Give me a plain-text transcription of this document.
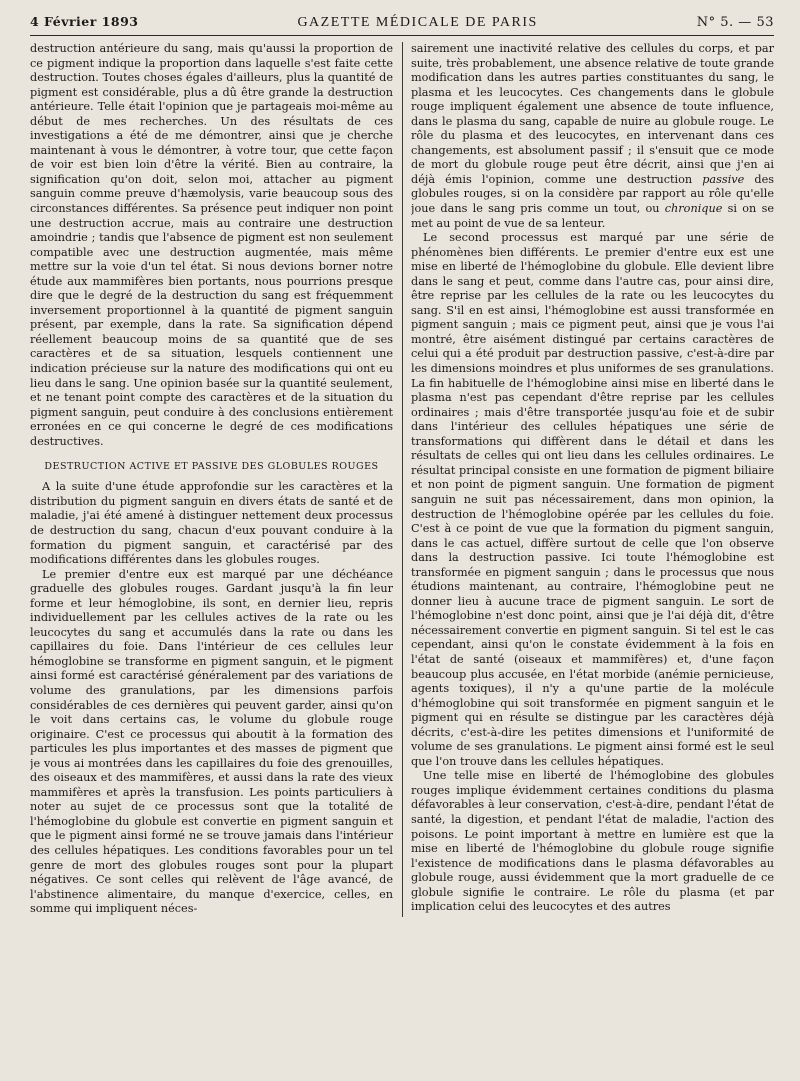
4 Février 1893	GAZETTE MÉDICALE DE PARIS	N° 5. — 53

destruction antérieure du sang, mais qu'aussi la proportion de ce pigment indique la proportion dans laquelle s'est faite cette destruction. Toutes choses égales d'ailleurs, plus la quantité de pigment est considérable, plus a dû être grande la destruction antérieure. Telle était l'opinion que je partageais moi-même au début de mes recherches. Un des résultats de ces investigations a été de me démontrer, ainsi que je cherche maintenant à vous le démontrer, à votre tour, que cette façon de voir est bien loin d'être la vérité. Bien au contraire, la signification qu'on doit, selon moi, attacher au pigment sanguin comme preuve d'hæmolysis, varie beaucoup sous des circonstances différentes. Sa présence peut indiquer non point une destruction accrue, mais au contraire une destruction amoindrie ; tandis que l'absence de pigment est non seulement compatible avec une destruction augmentée, mais même mettre sur la voie d'un tel état. Si nous devions borner notre étude aux mammifères bien portants, nous pourrions presque dire que le degré de la destruction du sang est fréquemment inversement proportionnel à la quantité de pigment sanguin présent, par exemple, dans la rate. Sa signification dépend réellement beaucoup moins de sa quantité que de ses caractères et de sa situation, lesquels contiennent une indication précieuse sur la nature des modifications qui ont eu lieu dans le sang. Une opinion basée sur la quantité seulement, et ne tenant point compte des caractères et de la situation du pigment sanguin, peut conduire à des conclusions entièrement erronées en ce qui concerne le degré de ces modifications destructives.

DESTRUCTION ACTIVE ET PASSIVE DES GLOBULES ROUGES

A la suite d'une étude approfondie sur les caractères et la distribution du pigment sanguin en divers états de santé et de maladie, j'ai été amené à distinguer nettement deux processus de destruction du sang, chacun d'eux pouvant conduire à la formation du pigment sanguin, et caractérisé par des modifications différentes dans les globules rouges.

Le premier d'entre eux est marqué par une déchéance graduelle des globules rouges. Gardant jusqu'à la fin leur forme et leur hémoglobine, ils sont, en dernier lieu, repris individuellement par les cellules actives de la rate ou les leucocytes du sang et accumulés dans la rate ou dans les capillaires du foie. Dans l'intérieur de ces cellules leur hémoglobine se transforme en pigment sanguin, et le pigment ainsi formé est caractérisé généralement par des variations de volume des granulations, par les dimensions parfois considérables de ces dernières qui peuvent garder, ainsi qu'on le voit dans certains cas, le volume du globule rouge originaire. C'est ce processus qui aboutit à la formation des particules les plus importantes et des masses de pigment que je vous ai montrées dans les capillaires du foie des grenouilles, des oiseaux et des mammifères, et aussi dans la rate des vieux mammifères et après la transfusion. Les points particuliers à noter au sujet de ce processus sont que la totalité de l'hémoglobine du globule est convertie en pigment sanguin et que le pigment ainsi formé ne se trouve jamais dans l'intérieur des cellules hépatiques. Les conditions favorables pour un tel genre de mort des globules rouges sont pour la plupart négatives. Ce sont celles qui relèvent de l'âge avancé, de l'abstinence alimentaire, du manque d'exercice, celles, en somme qui impliquent néces-

sairement une inactivité relative des cellules du corps, et par suite, très probablement, une absence relative de toute grande modification dans les autres parties constituantes du sang, le plasma et les leucocytes. Ces changements dans le globule rouge impliquent également une absence de toute influence, dans le plasma du sang, capable de nuire au globule rouge. Le rôle du plasma et des leucocytes, en intervenant dans ces changements, est absolument passif ; il s'ensuit que ce mode de mort du globule rouge peut être décrit, ainsi que j'en ai déjà émis l'opinion, comme une destruction passive des globules rouges, si on la considère par rapport au rôle qu'elle joue dans le sang pris comme un tout, ou chronique si on se met au point de vue de sa lenteur.

Le second processus est marqué par une série de phénomènes bien différents. Le premier d'entre eux est une mise en liberté de l'hémoglobine du globule. Elle devient libre dans le sang et peut, comme dans l'autre cas, pour ainsi dire, être reprise par les cellules de la rate ou les leucocytes du sang. S'il en est ainsi, l'hémoglobine est aussi transformée en pigment sanguin ; mais ce pigment peut, ainsi que je vous l'ai montré, être aisément distingué par certains caractères de celui qui a été produit par destruction passive, c'est-à-dire par les dimensions moindres et plus uniformes de ses granulations. La fin habituelle de l'hémoglobine ainsi mise en liberté dans le plasma n'est pas cependant d'être reprise par les cellules ordinaires ; mais d'être transportée jusqu'au foie et de subir dans l'intérieur des cellules hépatiques une série de transformations qui diffèrent dans le détail et dans les résultats de celles qui ont lieu dans les cellules ordinaires. Le résultat principal consiste en une formation de pigment biliaire et non point de pigment sanguin. Une formation de pigment sanguin ne suit pas nécessairement, dans mon opinion, la destruction de l'hémoglobine opérée par les cellules du foie. C'est à ce point de vue que la formation du pigment sanguin, dans le cas actuel, diffère surtout de celle que l'on observe dans la destruction passive. Ici toute l'hémoglobine est transformée en pigment sanguin ; dans le processus que nous étudions maintenant, au contraire, l'hémoglobine peut ne donner lieu à aucune trace de pigment sanguin. Le sort de l'hémoglobine n'est donc point, ainsi que je l'ai déjà dit, d'être nécessairement convertie en pigment sanguin. Si tel est le cas cependant, ainsi qu'on le constate évidemment à la fois en l'état de santé (oiseaux et mammifères) et, d'une façon beaucoup plus accusée, en l'état morbide (anémie pernicieuse, agents toxiques), il n'y a qu'une partie de la molécule d'hémoglobine qui soit transformée en pigment sanguin et le pigment qui en résulte se distingue par les caractères déjà décrits, c'est-à-dire les petites dimensions et l'uniformité de volume de ses granulations. Le pigment ainsi formé est le seul que l'on trouve dans les cellules hépatiques.

Une telle mise en liberté de l'hémoglobine des globules rouges implique évidemment certaines conditions du plasma défavorables à leur conservation, c'est-à-dire, pendant l'état de santé, la digestion, et pendant l'état de maladie, l'action des poisons. Le point important à mettre en lumière est que la mise en liberté de l'hémoglobine du globule rouge signifie l'existence de modifications dans le plasma défavorables au globule rouge, aussi évidemment que la mort graduelle de ce globule signifie le contraire. Le rôle du plasma (et par implication celui des leucocytes et des autres
